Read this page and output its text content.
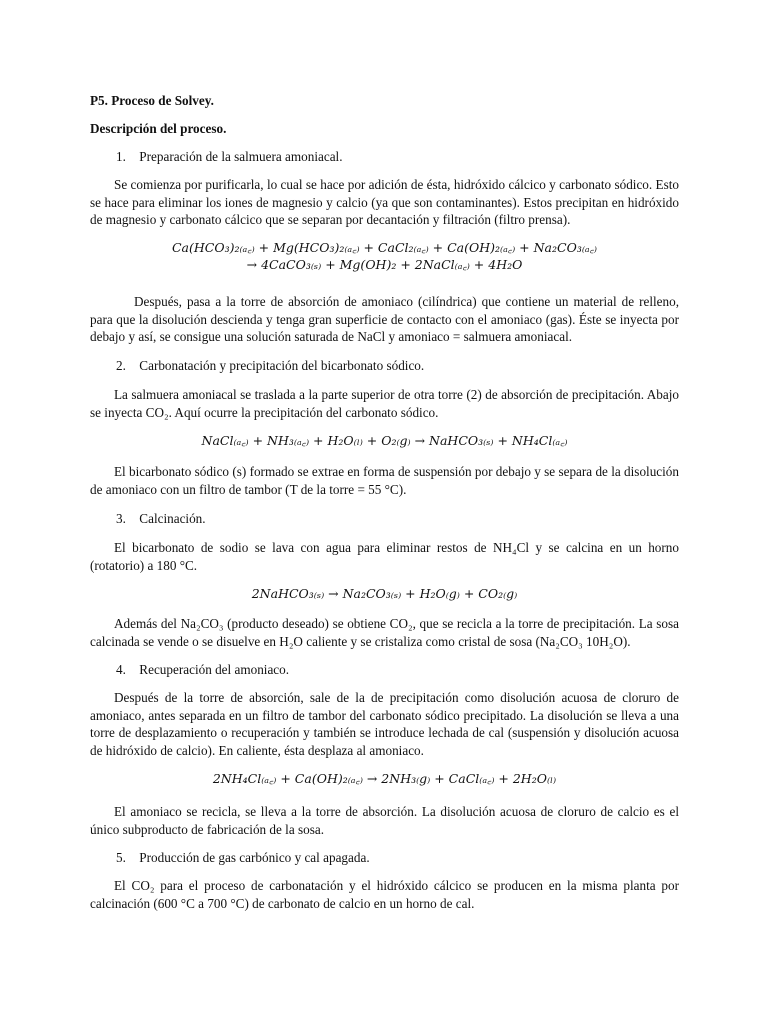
P5. Proceso de Solvey.

Descripción del proceso.

1. Preparación de la salmuera amoniacal.

Se comienza por purificarla, lo cual se hace por adición de ésta, hidróxido cálcico y carbonato sódico. Esto se hace para eliminar los iones de magnesio y calcio (ya que son contaminantes). Estos precipitan en hidróxido de magnesio y carbonato cálcico que se separan por decantación y filtración (filtro prensa).

Ca(HCO₃)₂₍ₐ꜀₎ + Mg(HCO₃)₂₍ₐ꜀₎ + CaCl₂₍ₐ꜀₎ + Ca(OH)₂₍ₐ꜀₎ + Na₂CO₃₍ₐ꜀₎
→ 4CaCO₃₍ₛ₎ + Mg(OH)₂ + 2NaCl₍ₐ꜀₎ + 4H₂O

Después, pasa a la torre de absorción de amoniaco (cilíndrica) que contiene un material de relleno, para que la disolución descienda y tenga gran superficie de contacto con el amoniaco (gas). Éste se inyecta por debajo y así, se consigue una solución saturada de NaCl y amoniaco = salmuera amoniacal.

2. Carbonatación y precipitación del bicarbonato sódico.

La salmuera amoniacal se traslada a la parte superior de otra torre (2) de absorción de precipitación. Abajo se inyecta CO₂. Aquí ocurre la precipitación del carbonato sódico.

NaCl₍ₐ꜀₎ + NH₃₍ₐ꜀₎ + H₂O₍ₗ₎ + O₂₍g₎ → NaHCO₃₍ₛ₎ + NH₄Cl₍ₐ꜀₎

El bicarbonato sódico (s) formado se extrae en forma de suspensión por debajo y se separa de la disolución de amoniaco con un filtro de tambor (T de la torre = 55 °C).

3. Calcinación.

El bicarbonato de sodio se lava con agua para eliminar restos de NH₄Cl y se calcina en un horno (rotatorio) a 180 °C.

2NaHCO₃₍ₛ₎ → Na₂CO₃₍ₛ₎ + H₂O₍g₎ + CO₂₍g₎

Además del Na₂CO₃ (producto deseado) se obtiene CO₂, que se recicla a la torre de precipitación. La sosa calcinada se vende o se disuelve en H₂O caliente y se cristaliza como cristal de sosa (Na₂CO₃ 10H₂O).

4. Recuperación del amoniaco.

Después de la torre de absorción, sale de la de precipitación como disolución acuosa de cloruro de amoniaco, antes separada en un filtro de tambor del carbonato sódico precipitado. La disolución se lleva a una torre de desplazamiento o recuperación y también se introduce lechada de cal (suspensión y disolución acuosa de hidróxido de calcio). En caliente, ésta desplaza al amoniaco.

2NH₄Cl₍ₐ꜀₎ + Ca(OH)₂₍ₐ꜀₎ → 2NH₃₍g₎ + CaCl₍ₐ꜀₎ + 2H₂O₍ₗ₎

El amoniaco se recicla, se lleva a la torre de absorción. La disolución acuosa de cloruro de calcio es el único subproducto de fabricación de la sosa.

5. Producción de gas carbónico y cal apagada.

El CO₂ para el proceso de carbonatación y el hidróxido cálcico se producen en la misma planta por calcinación (600 °C a 700 °C) de carbonato de calcio en un horno de cal.
